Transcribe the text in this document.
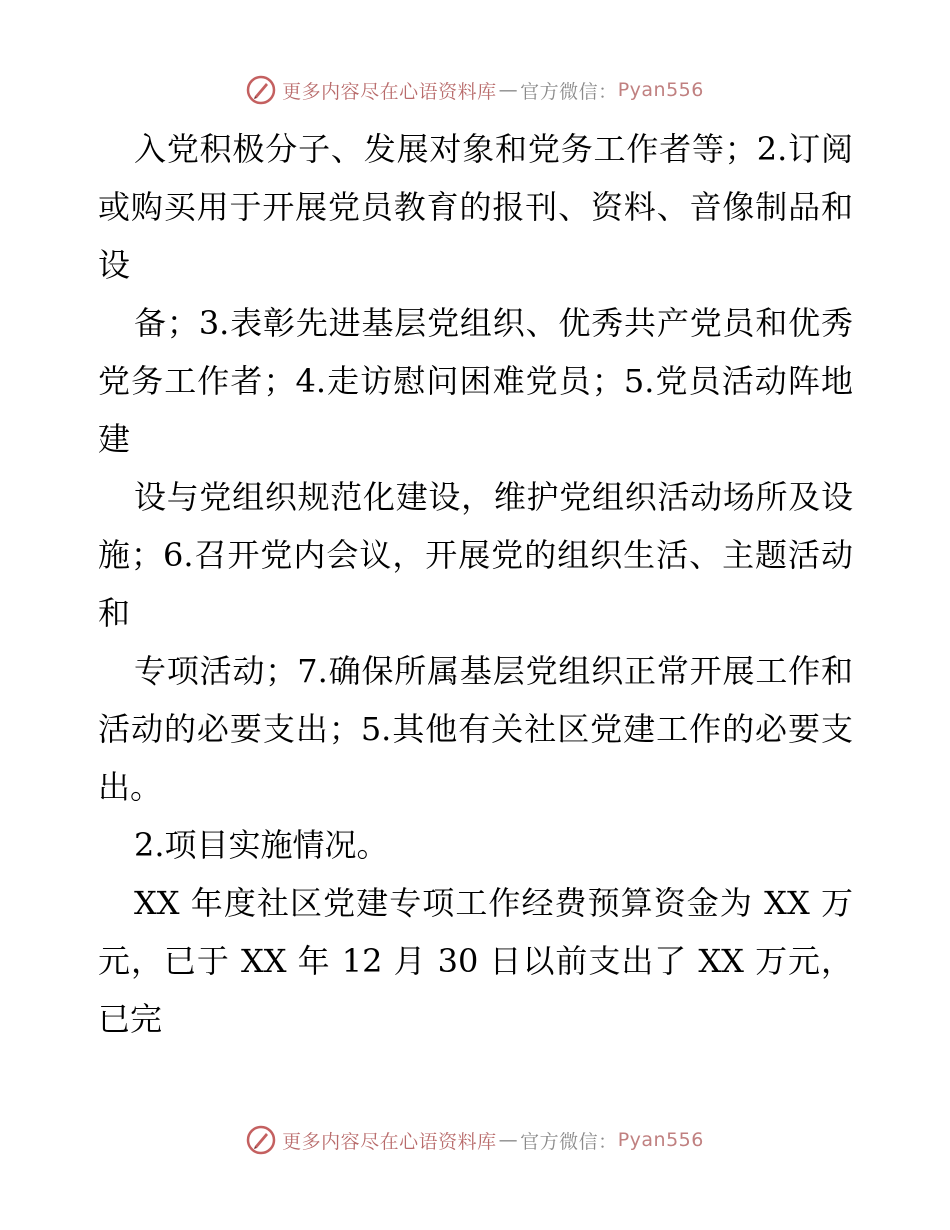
更多内容尽在心语资料库 — 官方微信： Pyan556

入党积极分子、发展对象和党务工作者等；2.订阅或购买用于开展党员教育的报刊、资料、音像制品和设

备；3.表彰先进基层党组织、优秀共产党员和优秀党务工作者；4.走访慰问困难党员；5.党员活动阵地建

设与党组织规范化建设，维护党组织活动场所及设施；6.召开党内会议，开展党的组织生活、主题活动和

专项活动；7.确保所属基层党组织正常开展工作和活动的必要支出；5.其他有关社区党建工作的必要支出。

2.项目实施情况。

XX 年度社区党建专项工作经费预算资金为 XX 万元，已于 XX 年 12 月 30 日以前支出了 XX 万元，已完

更多内容尽在心语资料库 — 官方微信： Pyan556
